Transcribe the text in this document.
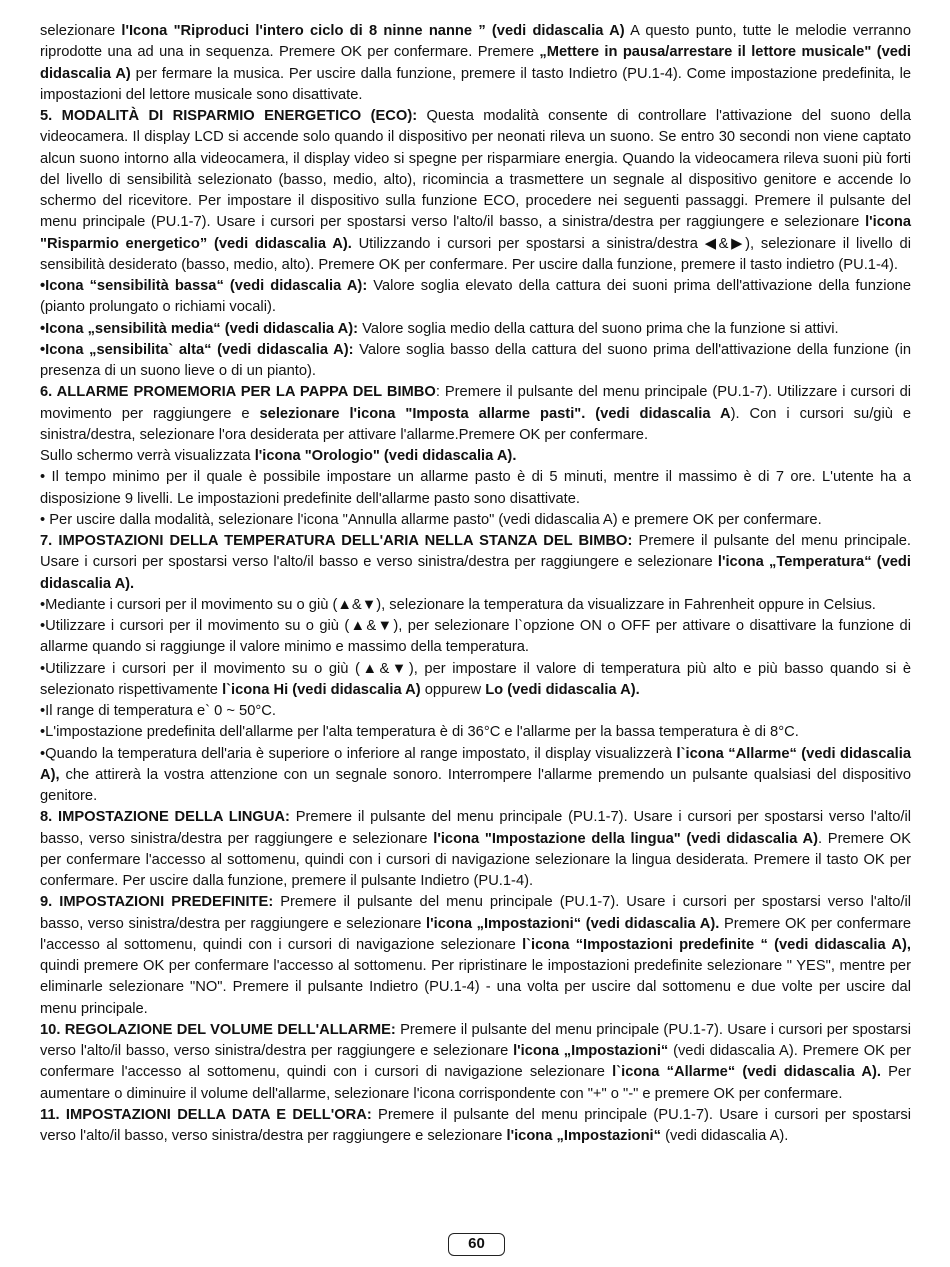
selezionare l'Icona "Riproduci l'intero ciclo di 8 ninne nanne ” (vedi didascalia A) A questo punto, tutte le melodie verranno riprodotte una ad una in sequenza. Premere OK per confermare. Premere „Mettere in pausa/arrestare il lettore musicale" (vedi didascalia A) per fermare la musica. Per uscire dalla funzione, premere il tasto Indietro (PU.1-4). Come impostazione predefinita, le impostazioni del lettore musicale sono disattivate.

5. MODALITÀ DI RISPARMIO ENERGETICO (ECO): Questa modalità consente di controllare l'attivazione del suono della videocamera. Il display LCD si accende solo quando il dispositivo per neonati rileva un suono. Se entro 30 secondi non viene captato alcun suono intorno alla videocamera, il display video si spegne per risparmiare energia. Quando la videocamera rileva suoni più forti del livello di sensibilità selezionato (basso, medio, alto), ricomincia a trasmettere un segnale al dispositivo genitore e accende lo schermo del ricevitore. Per impostare il dispositivo sulla funzione ECO, procedere nei seguenti passaggi. Premere il pulsante del menu principale (PU.1-7). Usare i cursori per spostarsi verso l'alto/il basso, a sinistra/destra per raggiungere e selezionare l'icona "Risparmio energetico” (vedi didascalia A). Utilizzando i cursori per spostarsi a sinistra/destra ◀&▶), selezionare il livello di sensibilità desiderato (basso, medio, alto). Premere OK per confermare. Per uscire dalla funzione, premere il tasto indietro (PU.1-4).

•Icona “sensibilità bassa“ (vedi didascalia A): Valore soglia elevato della cattura dei suoni prima dell'attivazione della funzione (pianto prolungato o richiami vocali).

•Icona „sensibilità media“ (vedi didascalia A): Valore soglia medio della cattura del suono prima che la funzione si attivi.

•Icona „sensibilita` alta“ (vedi didascalia A): Valore soglia basso della cattura del suono prima dell'attivazione della funzione (in presenza di un suono lieve o di un pianto).

6. ALLARME PROMEMORIA PER LA PAPPA DEL BIMBO: Premere il pulsante del menu principale (PU.1-7). Utilizzare i cursori di movimento per raggiungere e selezionare l'icona "Imposta allarme pasti". (vedi didascalia A). Con i cursori su/giù e sinistra/destra, selezionare l'ora desiderata per attivare l'allarme.Premere OK per confermare.

Sullo schermo verrà visualizzata l'icona "Orologio" (vedi didascalia A).

• Il tempo minimo per il quale è possibile impostare un allarme pasto è di 5 minuti, mentre il massimo è di 7 ore. L'utente ha a disposizione 9 livelli. Le impostazioni predefinite dell'allarme pasto sono disattivate.

• Per uscire dalla modalità, selezionare l'icona "Annulla allarme pasto" (vedi didascalia A) e premere OK per confermare.

7. IMPOSTAZIONI DELLA TEMPERATURA DELL'ARIA NELLA STANZA DEL BIMBO: Premere il pulsante del menu principale. Usare i cursori per spostarsi verso l'alto/il basso e verso sinistra/destra per raggiungere e selezionare l'icona „Temperatura“ (vedi didascalia A).

•Mediante i cursori per il movimento su o giù (▲&▼), selezionare la temperatura da visualizzare in Fahrenheit oppure in Celsius.

•Utilizzare i cursori per il movimento su o giù (▲&▼), per selezionare l`opzione ON o OFF per attivare o disattivare la funzione di allarme quando si raggiunge il valore minimo e massimo della temperatura.

•Utilizzare i cursori per il movimento su o giù (▲&▼), per impostare il valore di temperatura più alto e più basso quando si è selezionato rispettivamente l`icona Hi (vedi didascalia A) oppurew Lo (vedi didascalia A).

•Il range di temperatura e` 0 ~ 50°C.

•L'impostazione predefinita dell'allarme per l'alta temperatura è di 36°C e l'allarme per la bassa temperatura è di 8°C.

•Quando la temperatura dell'aria è superiore o inferiore al range impostato, il display visualizzerà l`icona “Allarme“ (vedi didascalia A), che attirerà la vostra attenzione con un segnale sonoro. Interrompere l'allarme premendo un pulsante qualsiasi del dispositivo genitore.

8. IMPOSTAZIONE DELLA LINGUA: Premere il pulsante del menu principale (PU.1-7). Usare i cursori per spostarsi verso l'alto/il basso, verso sinistra/destra per raggiungere e selezionare l'icona "Impostazione della lingua" (vedi didascalia A). Premere OK per confermare l'accesso al sottomenu, quindi con i cursori di navigazione selezionare la lingua desiderata. Premere il tasto OK per confermare. Per uscire dalla funzione, premere il pulsante Indietro (PU.1-4).

9. IMPOSTAZIONI PREDEFINITE: Premere il pulsante del menu principale (PU.1-7). Usare i cursori per spostarsi verso l'alto/il basso, verso sinistra/destra per raggiungere e selezionare l'icona „Impostazioni“ (vedi didascalia A). Premere OK per confermare l'accesso al sottomenu, quindi con i cursori di navigazione selezionare l`icona “Impostazioni predefinite “ (vedi didascalia A), quindi premere OK per confermare l'accesso al sottomenu. Per ripristinare le impostazioni predefinite selezionare " YES", mentre per eliminarle selezionare "NO". Premere il pulsante Indietro (PU.1-4) - una volta per uscire dal sottomenu e due volte per uscire dal menu principale.

10. REGOLAZIONE DEL VOLUME DELL'ALLARME: Premere il pulsante del menu principale (PU.1-7). Usare i cursori per spostarsi verso l'alto/il basso, verso sinistra/destra per raggiungere e selezionare l'icona „Impostazioni“ (vedi didascalia A). Premere OK per confermare l'accesso al sottomenu, quindi con i cursori di navigazione selezionare l`icona “Allarme“ (vedi didascalia A). Per aumentare o diminuire il volume dell'allarme, selezionare l'icona corrispondente con "+" o "-" e premere OK per confermare.

11. IMPOSTAZIONI DELLA DATA E DELL'ORA: Premere il pulsante del menu principale (PU.1-7). Usare i cursori per spostarsi verso l'alto/il basso, verso sinistra/destra per raggiungere e selezionare l'icona „Impostazioni“ (vedi didascalia A).

60
